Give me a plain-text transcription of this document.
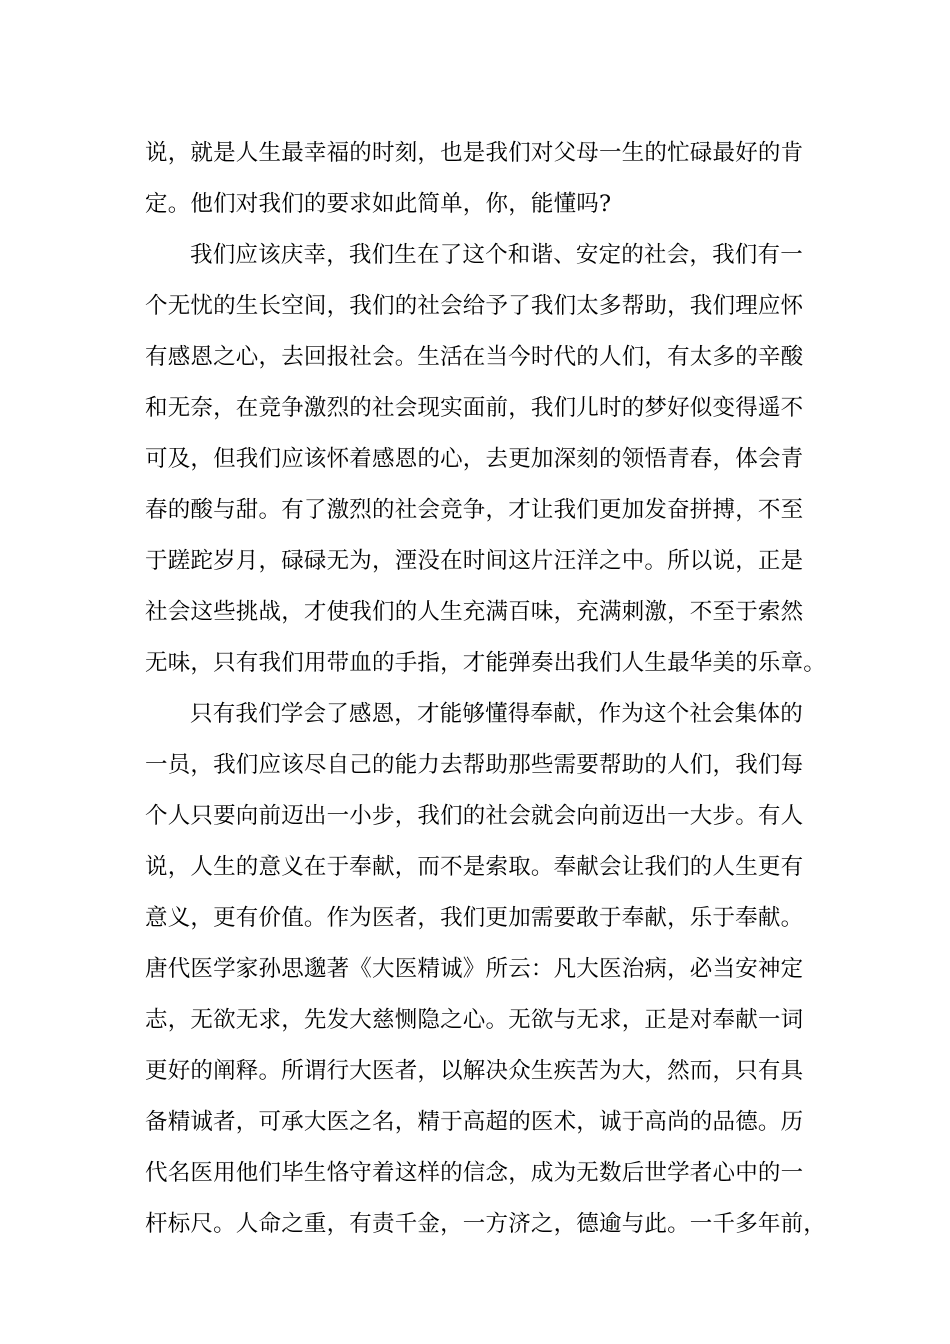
说，就是人生最幸福的时刻，也是我们对父母一生的忙碌最好的肯
定。他们对我们的要求如此简单，你，能懂吗?
我们应该庆幸，我们生在了这个和谐、安定的社会，我们有一
个无忧的生长空间，我们的社会给予了我们太多帮助，我们理应怀
有感恩之心，去回报社会。生活在当今时代的人们，有太多的辛酸
和无奈，在竞争激烈的社会现实面前，我们儿时的梦好似变得遥不
可及，但我们应该怀着感恩的心，去更加深刻的领悟青春，体会青
春的酸与甜。有了激烈的社会竞争，才让我们更加发奋拼搏，不至
于蹉跎岁月，碌碌无为，湮没在时间这片汪洋之中。所以说，正是
社会这些挑战，才使我们的人生充满百味，充满刺激，不至于索然
无味，只有我们用带血的手指，才能弹奏出我们人生最华美的乐章。
只有我们学会了感恩，才能够懂得奉献，作为这个社会集体的
一员，我们应该尽自己的能力去帮助那些需要帮助的人们，我们每
个人只要向前迈出一小步，我们的社会就会向前迈出一大步。有人
说，人生的意义在于奉献，而不是索取。奉献会让我们的人生更有
意义，更有价值。作为医者，我们更加需要敢于奉献，乐于奉献。
唐代医学家孙思邈著《大医精诚》所云：凡大医治病，必当安神定
志，无欲无求，先发大慈恻隐之心。无欲与无求，正是对奉献一词
更好的阐释。所谓行大医者，以解决众生疾苦为大，然而，只有具
备精诚者，可承大医之名，精于高超的医术，诚于高尚的品德。历
代名医用他们毕生恪守着这样的信念，成为无数后世学者心中的一
杆标尺。人命之重，有责千金，一方济之，德逾与此。一千多年前，
